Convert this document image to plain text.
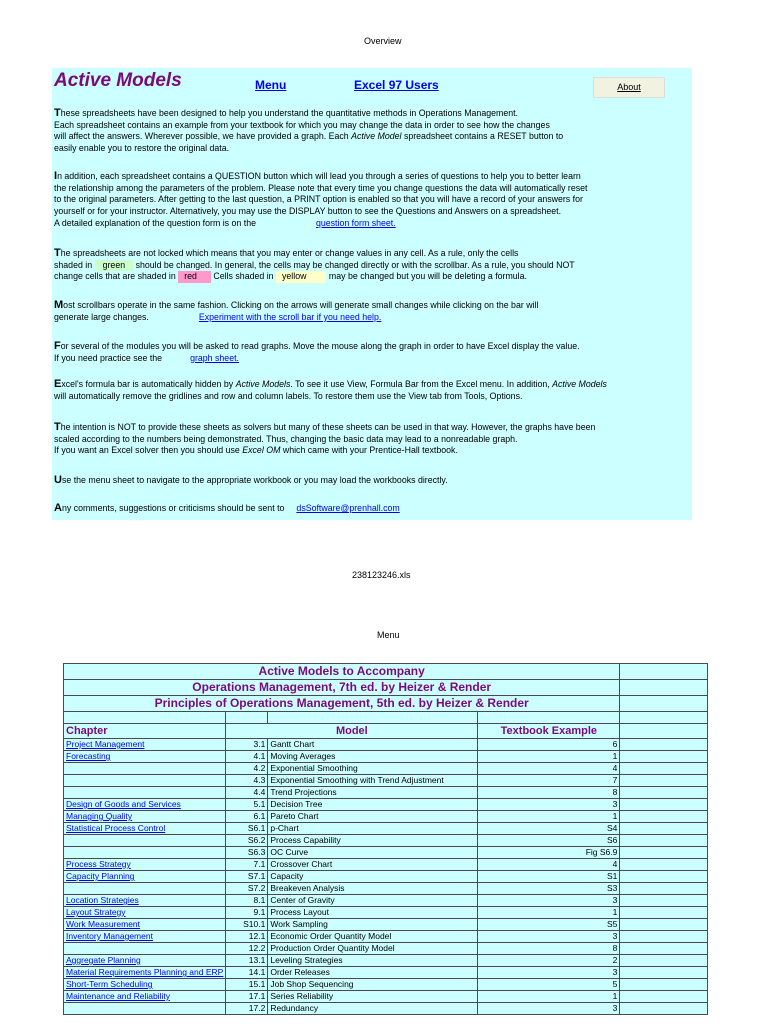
Overview
Active Models	Menu	Excel 97 Users	About
These spreadsheets have been designed to help you understand the quantitative methods in Operations Management.
Each spreadsheet contains an example from your textbook for which you may change the data in order to see how the changes
will affect the answers. Wherever possible, we have provided a graph. Each Active Model spreadsheet contains a RESET button to
easily enable you to restore the original data.
In addition, each spreadsheet contains a QUESTION button which will lead you through a series of questions to help you to better learn
the relationship among the parameters of the problem. Please note that every time you change questions the data will automatically reset
to the original parameters. After getting to the last question, a PRINT option is enabled so that you will have a record of your answers for
yourself or for your instructor. Alternatively, you may use the DISPLAY button to see the Questions and Answers on a spreadsheet.
A detailed explanation of the question form is on the	question form sheet.
The spreadsheets are not locked which means that you may enter or change values in any cell. As a rule, only the cells
shaded in green should be changed. In general, the cells may be changed directly or with the scrollbar. As a rule, you should NOT
change cells that are shaded in red Cells shaded in yellow	may be changed but you will be deleting a formula.
Most scrollbars operate in the same fashion. Clicking on the arrows will generate small changes while clicking on the bar will
generate large changes.	Experiment with the scroll bar if you need help.
For several of the modules you will be asked to read graphs. Move the mouse along the graph in order to have Excel display the value.
If you need practice see the	graph sheet.
Excel's formula bar is automatically hidden by Active Models. To see it use View, Formula Bar from the Excel menu. In addition, Active Models
will automatically remove the gridlines and row and column labels. To restore them use the View tab from Tools, Options.
The intention is NOT to provide these sheets as solvers but many of these sheets can be used in that way. However, the graphs have been
scaled according to the numbers being demonstrated. Thus, changing the basic data may lead to a nonreadable graph.
If you want an Excel solver then you should use Excel OM which came with your Prentice-Hall textbook.
Use the menu sheet to navigate to the appropriate workbook or you may load the workbooks directly.
Any comments, suggestions or criticisms should be sent to dsSoftware@prenhall.com
238123246.xls
Menu
Active Models to Accompany				
Operations Management, 7th ed. by Heizer & Render				
Principles of Operations Management, 5th ed. by Heizer & Render				

Chapter	Model		Textbook Example	
Project Management	3.1	Gantt Chart	6	
Forecasting	4.1	Moving Averages	1	
	4.2	Exponential Smoothing	4	
	4.3	Exponential Smoothing with Trend Adjustment	7	
	4.4	Trend Projections	8	
Design of Goods and Services	5.1	Decision Tree	3	
Managing Quality	6.1	Pareto Chart	1	
Statistical Process Control	S6.1	p-Chart	S4	
	S6.2	Process Capability	S6	
	S6.3	OC Curve	Fig S6.9	
Process Strategy	7.1	Crossover Chart	4	
Capacity Planning	S7.1	Capacity	S1	
	S7.2	Breakeven Analysis	S3	
Location Strategies	8.1	Center of Gravity	3	
Layout Strategy	9.1	Process Layout	1	
Work Measurement	S10.1	Work Sampling	S5	
Inventory Management	12.1	Economic Order Quantity Model	3	
	12.2	Production Order Quantity Model	8	
Aggregate Planning	13.1	Leveling Strategies	2	
Material Requirements Planning and ERP	14.1	Order Releases	3	
Short-Term Scheduling	15.1	Job Shop Sequencing	5	
Maintenance and Reliability	17.1	Series Reliability	1	
	17.2	Redundancy	3	
